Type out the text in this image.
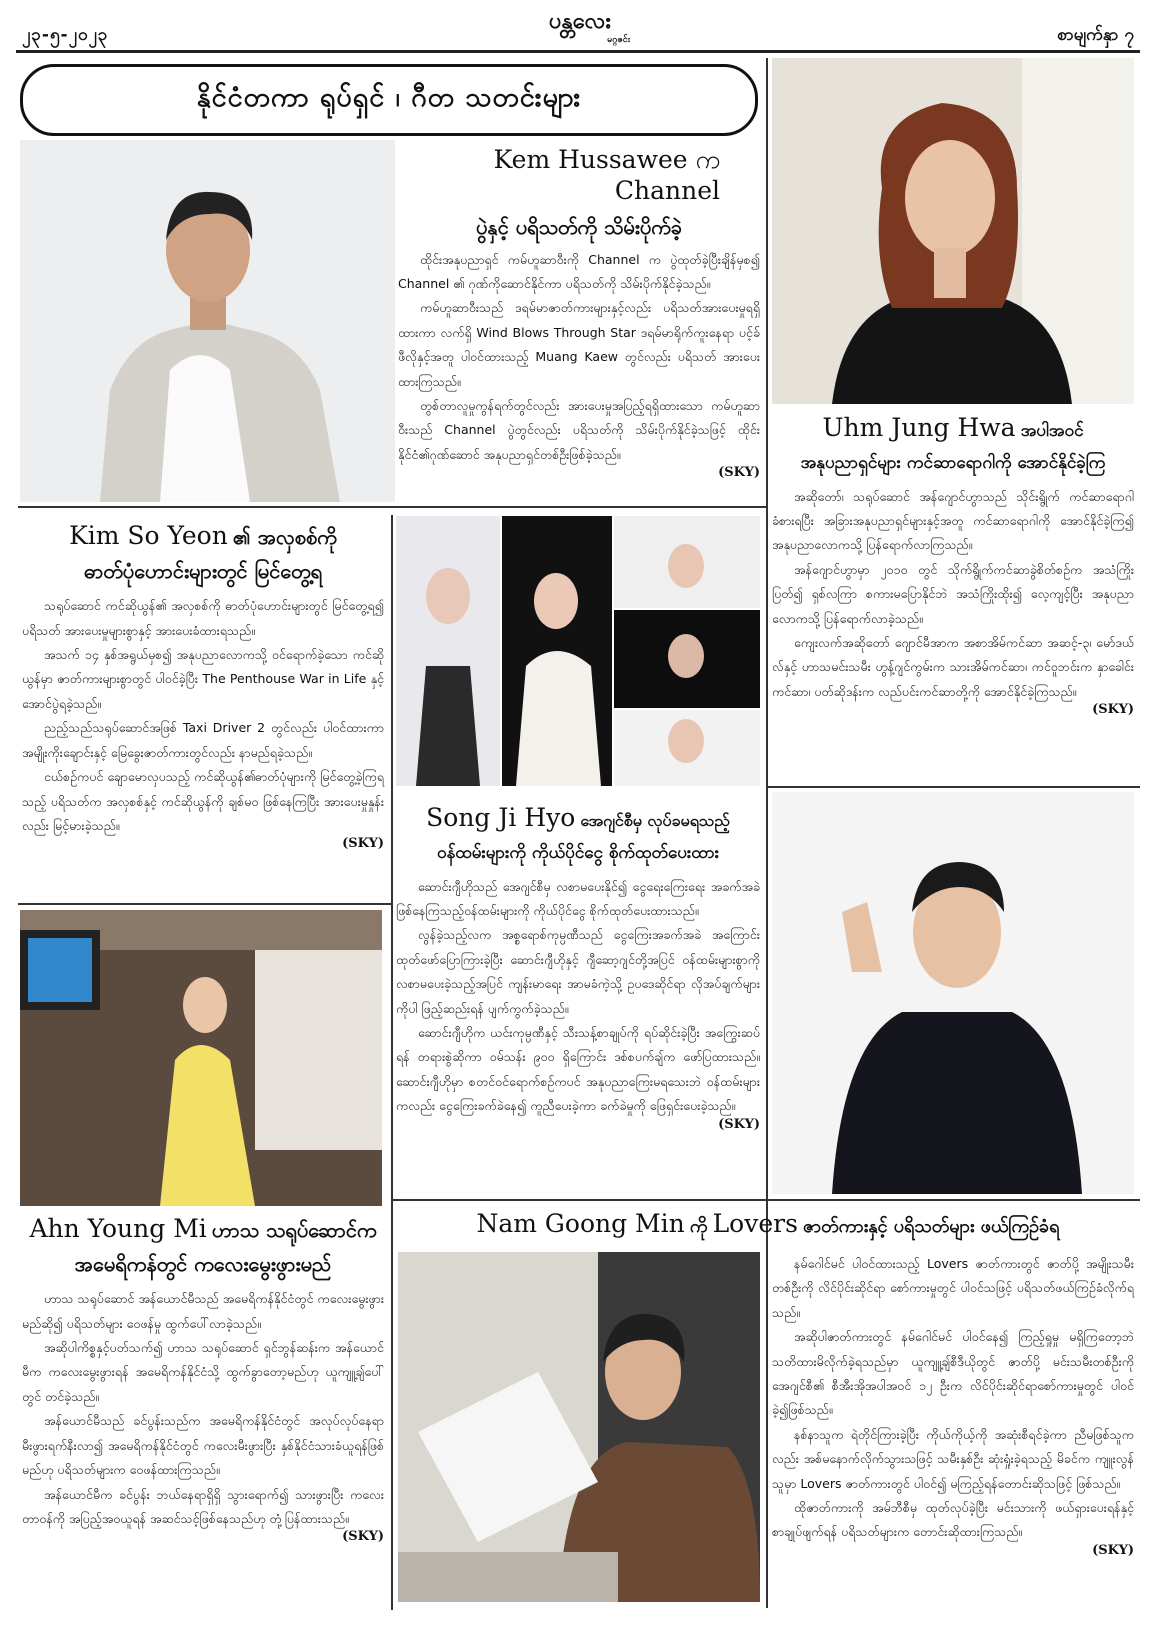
၂၃-၅-၂၀၂၃
ပန္တလေး
မဂ္ဂဇင်း	စာမျက်နှာ ၇
နိုင်ငံတကာ ရုပ်ရှင် ၊ ဂီတ သတင်းများ
Kem Hussawee က Channel
ပွဲနှင့် ပရိသတ်ကို သိမ်းပိုက်ခဲ့

ထိုင်းအနုပညာရှင် ကမ်ဟူဆာဝီးကို Channel က ပွဲထုတ်ခဲ့ပြီးချိန်မှစ၍ Channel ၏ ဂုဏ်ကိုဆောင်နိုင်ကာ ပရိသတ်ကို သိမ်းပိုက်နိုင်ခဲ့သည်။

ကမ်ဟူဆာဝီးသည် ဒရမ်မာဇာတ်ကားများနှင့်လည်း ပရိသတ်အားပေးမှုရရှိထားကာ လက်ရှိ Wind Blows Through Star ဒရမ်မာရိုက်ကူးနေရာ ပင့်ခ်ဖီလိုနှင့်အတူ ပါဝင်ထားသည့် Muang Kaew တွင်လည်း ပရိသတ် အားပေးထားကြသည်။

တွစ်တာလူမှုကွန်ရက်တွင်လည်း အားပေးမှုအပြည့်ရရှိထားသော ကမ်ဟူဆာဝီးသည် Channel ပွဲတွင်လည်း ပရိသတ်ကို သိမ်းပိုက်နိုင်ခဲ့သဖြင့် ထိုင်းနိုင်ငံ၏ဂုဏ်ဆောင် အနုပညာရှင်တစ်ဦးဖြစ်ခဲ့သည်။

(SKY)
Uhm Jung Hwa အပါအဝင်
အနုပညာရှင်များ ကင်ဆာရောဂါကို အောင်နိုင်ခဲ့ကြ

အဆိုတော်၊ သရုပ်ဆောင် အန်ဂျောင်ဟွာသည် သိုင်းရွိုက် ကင်ဆာရောဂါခံစားရပြီး အခြားအနုပညာရှင်များနှင့်အတူ ကင်ဆာရောဂါကို အောင်နိုင်ခဲ့ကြ၍ အနုပညာလောကသို့ ပြန်ရောက်လာကြသည်။

အန်ဂျောင်ဟွာမှာ ၂၀၁၀ တွင် သိုက်ရွိုက်ကင်ဆာခွဲစိတ်စဉ်က အသံကြိုးပြတ်၍ ရှစ်လကြာ စကားမပြောနိုင်ဘဲ အသံကြိုးထိုး၍ လေ့ကျင့်ပြီး အနုပညာလောကသို့ ပြန်ရောက်လာခဲ့သည်။

ကျေးလက်အဆိုတော် ဂျောင်မီအာက အစာအိမ်ကင်ဆာ အဆင့်-၃၊ မော်ဒယ်လ်နှင့် ဟာသမင်းသမီး ဟွန့်ဂျင်ကွမ်းက သားအိမ်ကင်ဆာ၊ ကင်ဝူဘင်းက နှာခေါင်းကင်ဆာ၊ ပတ်ဆိုဒန်းက လည်ပင်းကင်ဆာတို့ကို အောင်နိုင်ခဲ့ကြသည်။

(SKY)
Kim So Yeon ၏ အလှစစ်ကို
ဓာတ်ပုံဟောင်းများတွင် မြင်တွေ့ရ

သရုပ်ဆောင် ကင်ဆိုယွန်၏ အလှစစ်ကို ဓာတ်ပုံဟောင်းများတွင် မြင်တွေ့ရ၍ ပရိသတ် အားပေးမှုများစွာနှင့် အားပေးခံထားရသည်။

အသက် ၁၄ နှစ်အရွယ်မှစ၍ အနုပညာလောကသို့ ဝင်ရောက်ခဲ့သော ကင်ဆိုယွန်မှာ ဇာတ်ကားများစွာတွင် ပါဝင်ခဲ့ပြီး The Penthouse War in Life နှင့် အောင်ပွဲရခဲ့သည်။

ညည့်သည်သရုပ်ဆောင်အဖြစ် Taxi Driver 2 တွင်လည်း ပါဝင်ထားကာ အမျိုးကိုးချောင်းနှင့် မြေခွေးဇာတ်ကားတွင်လည်း နာမည်ရခဲ့သည်။

ငယ်စဉ်ကပင် ချောမောလှပသည့် ကင်ဆိုယွန်၏ဓာတ်ပုံများကို မြင်တွေ့ခဲ့ကြရသည့် ပရိသတ်က အလှစစ်နှင့် ကင်ဆိုယွန်ကို ချစ်မဝ ဖြစ်နေကြပြီး အားပေးမှုနှုန်းလည်း မြင့်မားခဲ့သည်။

(SKY)
Song Ji Hyo အေဂျင်စီမှ လုပ်ခမရသည့်
ဝန်ထမ်းများကို ကိုယ်ပိုင်ငွေ စိုက်ထုတ်ပေးထား

ဆောင်းဂျီဟိုသည် အေဂျင်စီမှ လစာမပေးနိုင်၍ ငွေရေးကြေးရေး အခက်အခဲဖြစ်နေကြသည့်ဝန်ထမ်းများကို ကိုယ်ပိုင်ငွေ စိုက်ထုတ်ပေးထားသည်။

လွန်ခဲ့သည့်လက အစ္စရောစ်ကုမ္ပဏီသည် ငွေကြေးအခက်အခဲ အကြောင်း ထုတ်ဖော်ပြောကြားခဲ့ပြီး ဆောင်းဂျီဟိုနှင့် ဂျီဆော့ဂျင်တို့အပြင် ဝန်ထမ်းများစွာကို လစာမပေးခဲ့သည့်အပြင် ကျန်းမာရေး အာမခံကဲ့သို့ ဥပဒေဆိုင်ရာ လိုအပ်ချက်များကိုပါ ဖြည့်ဆည်းရန် ပျက်ကွက်ခဲ့သည်။

ဆောင်းဂျီဟိုက ယင်းကုမ္ပဏီနှင့် သီးသန့်စာချုပ်ကို ရပ်ဆိုင်းခဲ့ပြီး အကြွေးဆပ်ရန် တရားစွဲဆိုကာ ဝမ်သန်း ၉၀၀ ရှိကြောင်း ဒစ်စပက်ချ်က ဖော်ပြထားသည်။ ဆောင်းဂျီဟိုမှာ စတင်ဝင်ရောက်စဉ်ကပင် အနုပညာကြေးမရသေးဘဲ ဝန်ထမ်းများကလည်း ငွေကြေးခက်ခဲနေ၍ ကူညီပေးခဲ့ကာ ခက်ခဲမှုကို ဖြေရှင်းပေးခဲ့သည်။

(SKY)
Ahn Young Mi ဟာသ သရုပ်ဆောင်က
အမေရိကန်တွင် ကလေးမွေးဖွားမည်

ဟာသ သရုပ်ဆောင် အန်ယောင်မီသည် အမေရိကန်နိုင်ငံတွင် ကလေးမွေးဖွားမည်ဆို၍ ပရိသတ်များ ဝေဖန်မှု ထွက်ပေါ်လာခဲ့သည်။

အဆိုပါကိစ္စနှင့်ပတ်သက်၍ ဟာသ သရုပ်ဆောင် ရှင်ဘွန်ဆန်းက အန်ယောင်မီက ကလေးမွေးဖွားရန် အမေရိကန်နိုင်ငံသို့ ထွက်ခွာတော့မည်ဟု ယူကျူ့ချ်ပေါ်တွင် တင်ခဲ့သည်။

အန်ယောင်မီသည် ခင်ပွန်းသည်က အမေရိကန်နိုင်ငံတွင် အလုပ်လုပ်နေရာ မီးဖွားရက်နီးလာ၍ အမေရိကန်နိုင်ငံတွင် ကလေးမီးဖွားပြီး နှစ်နိုင်ငံသားခံယူရန်ဖြစ်မည်ဟု ပရိသတ်များက ဝေဖန်ထားကြသည်။

အန်ယောင်မီက ခင်ပွန်း ဘယ်နေရာရှိရှိ သွားရောက်၍ သားဖွားပြီး ကလေးတာဝန်ကို အပြည့်အဝယူရန် အဆင်သင့်ဖြစ်နေသည်ဟု တုံ့ပြန်ထားသည်။

(SKY)
Nam Goong Min ကို Lovers ဇာတ်ကားနှင့် ပရိသတ်များ ဖယ်ကြဉ်ခံရ

နမ်ဂေါင်မင် ပါဝင်ထားသည့် Lovers ဇာတ်ကားတွင် ဇာတ်ပို့ အမျိုးသမီးတစ်ဦးကို လိင်ပိုင်းဆိုင်ရာ စော်ကားမှုတွင် ပါဝင်သဖြင့် ပရိသတ်ဖယ်ကြဉ်ခံလိုက်ရသည်။

အဆိုပါဇာတ်ကားတွင် နမ်ဂေါင်မင် ပါဝင်နေ၍ ကြည့်ရှုမှု မရှိကြတော့ဘဲ သတိထားမိလိုက်ခဲ့ရသည်မှာ ယူကျူ့ချ်စီဒီယိုတွင် ဇာတ်ပို့ မင်းသမီးတစ်ဦးကို အေဂျင်စီ၏ စီအီးအိုအပါအဝင် ၁၂ ဦးက လိင်ပိုင်းဆိုင်ရာစော်ကားမှုတွင် ပါဝင်ခဲ့၍ဖြစ်သည်။

နစ်နာသူက ရဲတိုင်ကြားခဲ့ပြီး ကိုယ်ကိုယ့်ကို အဆုံးစီရင်ခဲ့ကာ ညီမဖြစ်သူကလည်း အစ်မနောက်လိုက်သွားသဖြင့် သမီးနှစ်ဦး ဆုံးရှုံးခဲ့ရသည့် မိခင်က ကျူးလွန်သူမှာ Lovers ဇာတ်ကားတွင် ပါဝင်၍ မကြည့်ရန်တောင်းဆိုသဖြင့် ဖြစ်သည်။

ထိုဇာတ်ကားကို အမ်ဘီစီမှ ထုတ်လုပ်ခဲ့ပြီး မင်းသားကို ဖယ်ရှားပေးရန်နှင့် စာချုပ်ဖျက်ရန် ပရိသတ်များက တောင်းဆိုထားကြသည်။

(SKY)
